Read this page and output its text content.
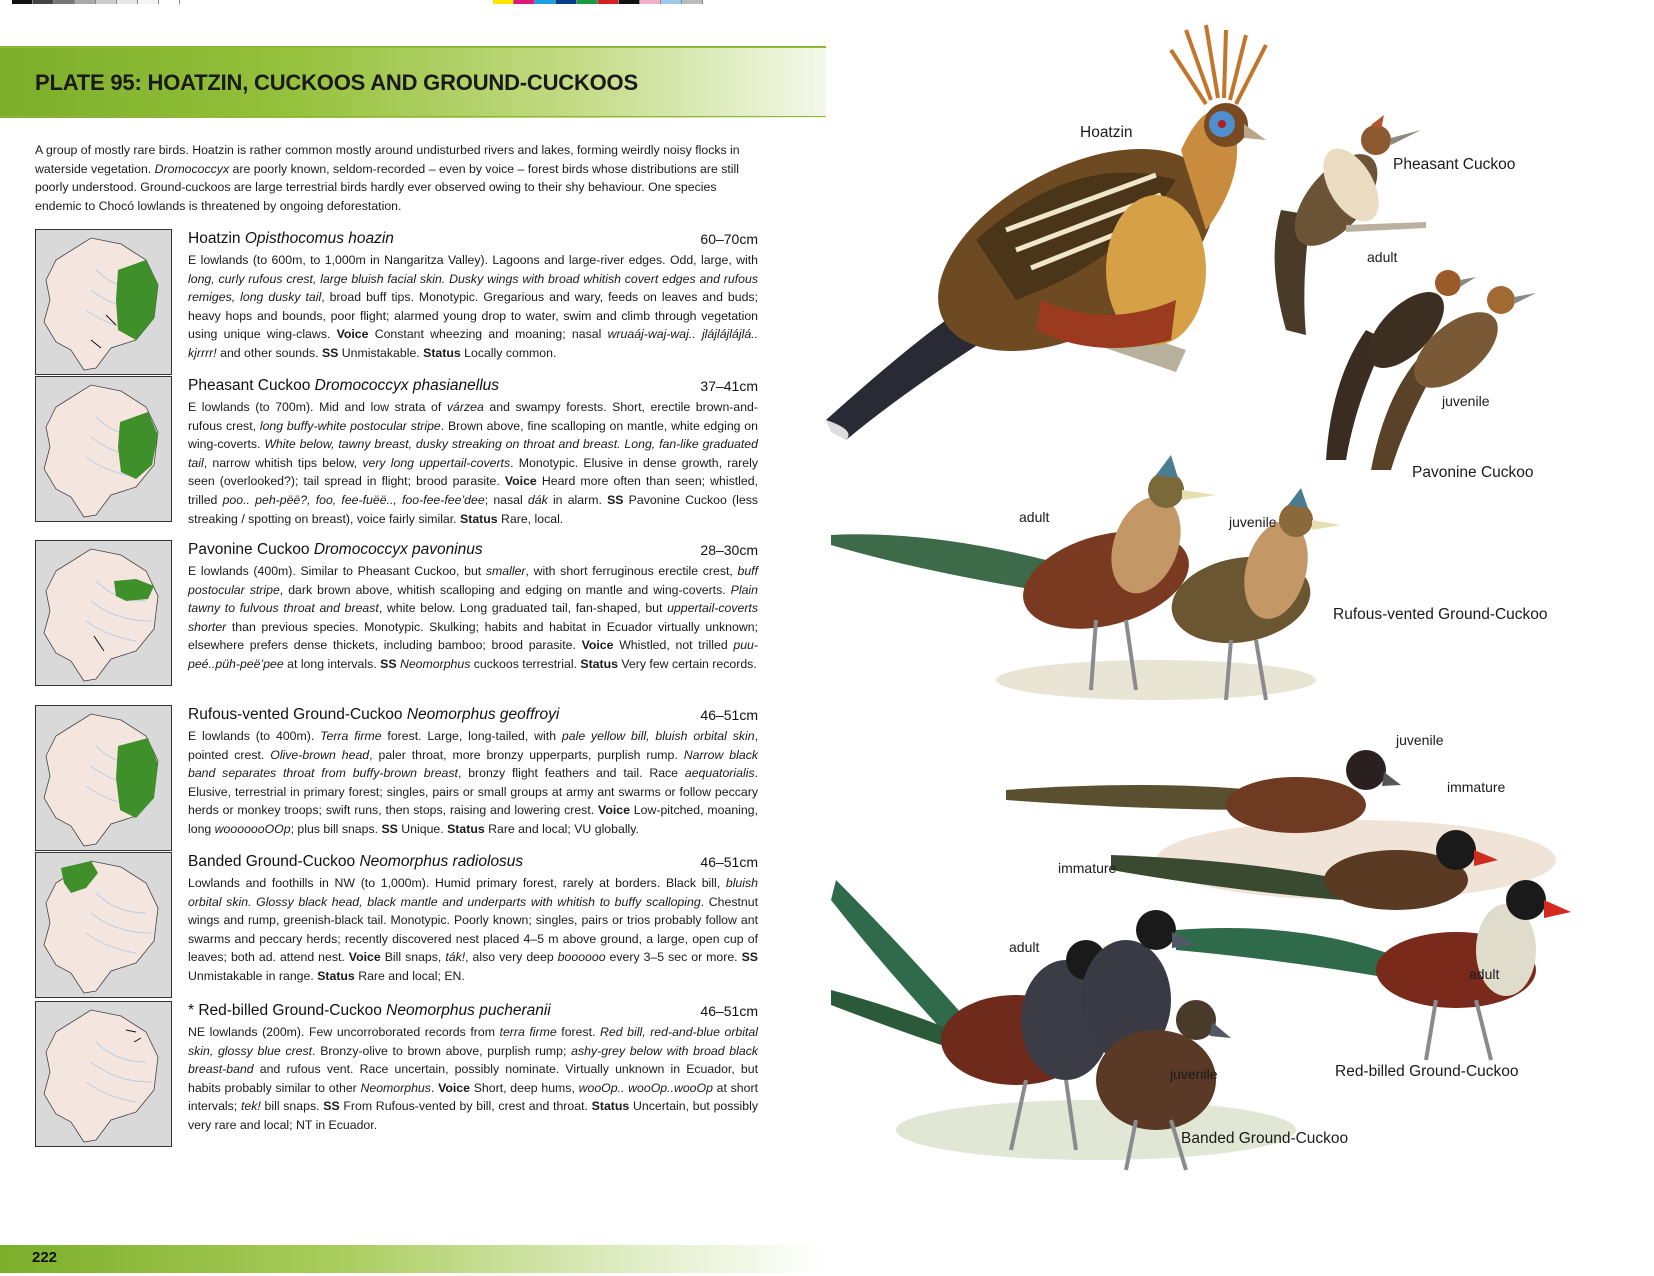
PLATE 95: HOATZIN, CUCKOOS AND GROUND-CUCKOOS

A group of mostly rare birds. Hoatzin is rather common mostly around undisturbed rivers and lakes, forming weirdly noisy flocks in waterside vegetation. Dromococcyx are poorly known, seldom-recorded – even by voice – forest birds whose distributions are still poorly understood. Ground-cuckoos are large terrestrial birds hardly ever observed owing to their shy behaviour. One species endemic to Chocó lowlands is threatened by ongoing deforestation.

Hoatzin Opisthocomus hoazin	60–70cm

E lowlands (to 600m, to 1,000m in Nangaritza Valley). Lagoons and large-river edges. Odd, large, with long, curly rufous crest, large bluish facial skin. Dusky wings with broad whitish covert edges and rufous remiges, long dusky tail, broad buff tips. Monotypic. Gregarious and wary, feeds on leaves and buds; heavy hops and bounds, poor flight; alarmed young drop to water, swim and climb through vegetation using unique wing-claws. Voice Constant wheezing and moaning; nasal wruaáj-waj-waj.. jlájlájlájlá.. kjrrrr! and other sounds. SS Unmistakable. Status Locally common.

Pheasant Cuckoo Dromococcyx phasianellus	37–41cm

E lowlands (to 700m). Mid and low strata of várzea and swampy forests. Short, erectile brown-and-rufous crest, long buffy-white postocular stripe. Brown above, fine scalloping on mantle, white edging on wing-coverts. White below, tawny breast, dusky streaking on throat and breast. Long, fan-like graduated tail, narrow whitish tips below, very long uppertail-coverts. Monotypic. Elusive in dense growth, rarely seen (overlooked?); tail spread in flight; brood parasite. Voice Heard more often than seen; whistled, trilled poo.. peh-pëë?, foo, fee-fuëë.., foo-fee-fee’dee; nasal dák in alarm. SS Pavonine Cuckoo (less streaking / spotting on breast), voice fairly similar. Status Rare, local.

Pavonine Cuckoo Dromococcyx pavoninus	28–30cm

E lowlands (400m). Similar to Pheasant Cuckoo, but smaller, with short ferruginous erectile crest, buff postocular stripe, dark brown above, whitish scalloping and edging on mantle and wing-coverts. Plain tawny to fulvous throat and breast, white below. Long graduated tail, fan-shaped, but uppertail-coverts shorter than previous species. Monotypic. Skulking; habits and habitat in Ecuador virtually unknown; elsewhere prefers dense thickets, including bamboo; brood parasite. Voice Whistled, not trilled puu-peé..püh-peë’pee at long intervals. SS Neomorphus cuckoos terrestrial. Status Very few certain records.

Rufous-vented Ground-Cuckoo Neomorphus geoffroyi	46–51cm

E lowlands (to 400m). Terra firme forest. Large, long-tailed, with pale yellow bill, bluish orbital skin, pointed crest. Olive-brown head, paler throat, more bronzy upperparts, purplish rump. Narrow black band separates throat from buffy-brown breast, bronzy flight feathers and tail. Race aequatorialis. Elusive, terrestrial in primary forest; singles, pairs or small groups at army ant swarms or follow peccary herds or monkey troops; swift runs, then stops, raising and lowering crest. Voice Low-pitched, moaning, long wooooooOOp; plus bill snaps. SS Unique. Status Rare and local; VU globally.

Banded Ground-Cuckoo Neomorphus radiolosus	46–51cm

Lowlands and foothills in NW (to 1,000m). Humid primary forest, rarely at borders. Black bill, bluish orbital skin. Glossy black head, black mantle and underparts with whitish to buffy scalloping. Chestnut wings and rump, greenish-black tail. Monotypic. Poorly known; singles, pairs or trios probably follow ant swarms and peccary herds; recently discovered nest placed 4–5 m above ground, a large, open cup of leaves; both ad. attend nest. Voice Bill snaps, ták!, also very deep boooooo every 3–5 sec or more. SS Unmistakable in range. Status Rare and local; EN.

* Red-billed Ground-Cuckoo Neomorphus pucheranii	46–51cm

NE lowlands (200m). Few uncorroborated records from terra firme forest. Red bill, red-and-blue orbital skin, glossy blue crest. Bronzy-olive to brown above, purplish rump; ashy-grey below with broad black breast-band and rufous vent. Race uncertain, possibly nominate. Virtually unknown in Ecuador, but habits probably similar to other Neomorphus. Voice Short, deep hums, wooOp.. wooOp..wooOp at short intervals; tek! bill snaps. SS From Rufous-vented by bill, crest and throat. Status Uncertain, but possibly very rare and local; NT in Ecuador.

222
Hoatzin
Pheasant Cuckoo
adult
juvenile
Pavonine Cuckoo
adult	juvenile
Rufous-vented Ground-Cuckoo
juvenile
immature
immature
adult
adult
Red-billed Ground-Cuckoo
juvenile
Banded Ground-Cuckoo
